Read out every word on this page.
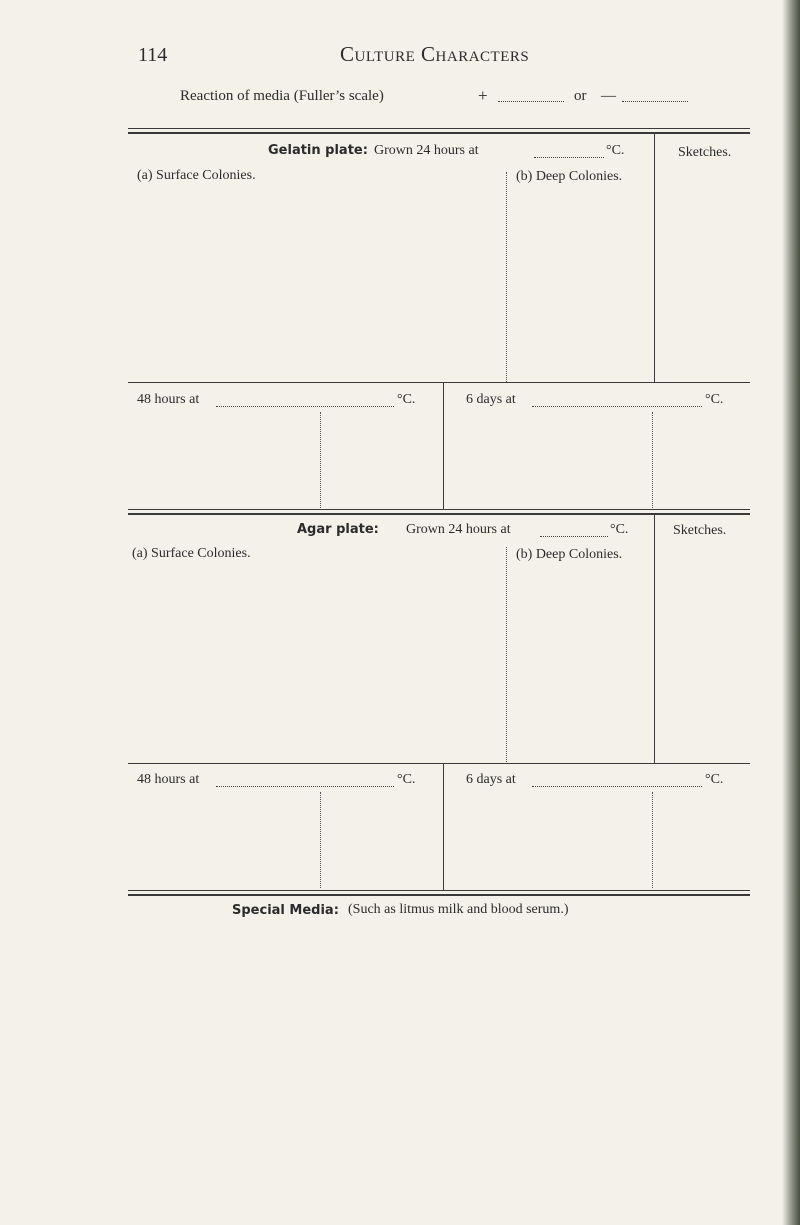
114	Culture Characters
Reaction of media (Fuller’s scale)	+	or —
Gelatin plate: Grown 24 hours at	°C.	Sketches.
(a) Surface Colonies.	(b) Deep Colonies.
48 hours at	°C.	6 days at	°C.
Agar plate: Grown 24 hours at	°C.	Sketches.
(a) Surface Colonies.	(b) Deep Colonies.
48 hours at	°C.	6 days at	°C.
Special Media: (Such as litmus milk and blood serum.)
